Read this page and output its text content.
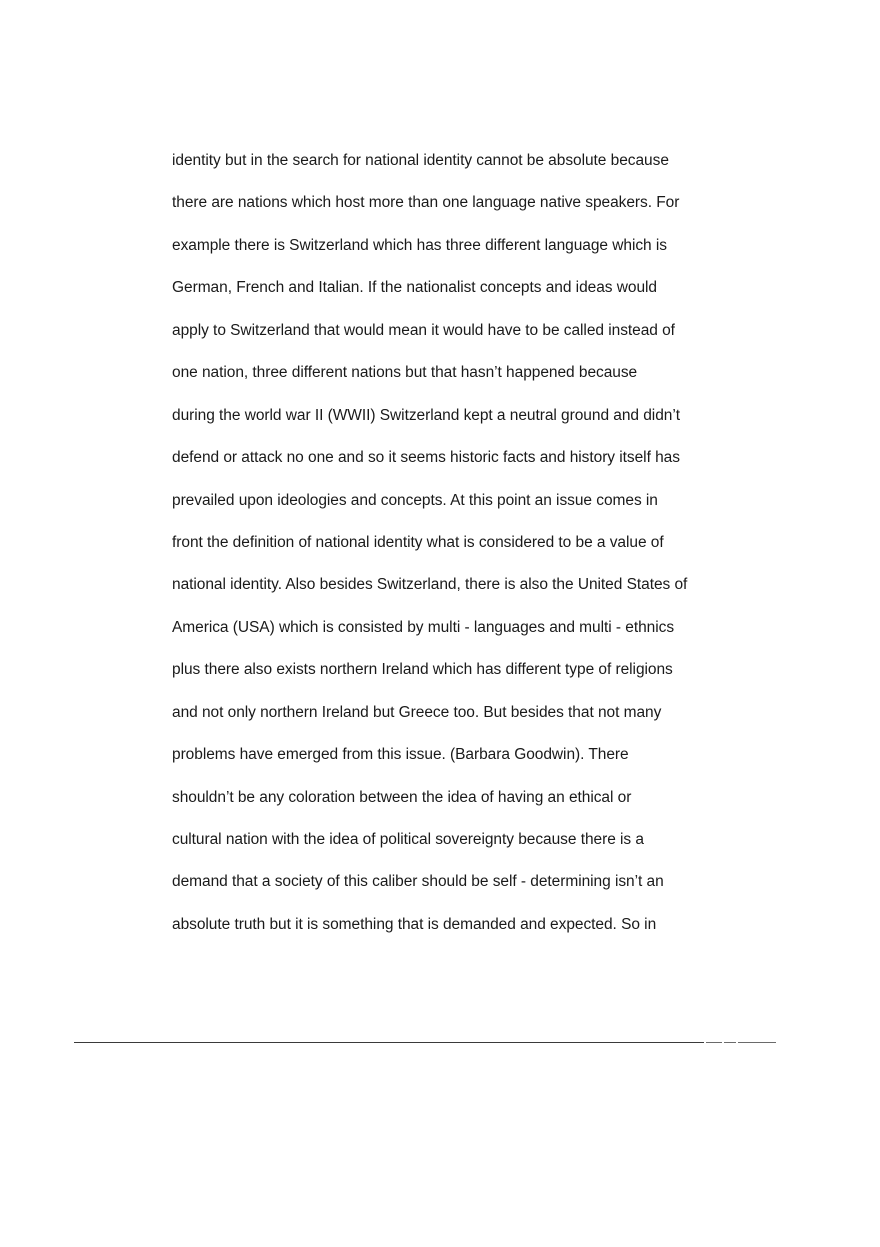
identity but in the search for national identity cannot be absolute because
there are nations which host more than one language native speakers. For
example there is Switzerland which has three different language which is
German, French and Italian. If the nationalist concepts and ideas would
apply to Switzerland that would mean it would have to be called instead of
one nation, three different nations but that hasn’t happened because
during the world war II (WWII) Switzerland kept a neutral ground and didn’t
defend or attack no one and so it seems historic facts and history itself has
prevailed upon ideologies and concepts. At this point an issue comes in
front the definition of national identity what is considered to be a value of
national identity. Also besides Switzerland, there is also the United States of
America (USA) which is consisted by multi - languages and multi - ethnics
plus there also exists northern Ireland which has different type of religions
and not only northern Ireland but Greece too. But besides that not many
problems have emerged from this issue. (Barbara Goodwin). There
shouldn’t be any coloration between the idea of having an ethical or
cultural nation with the idea of political sovereignty because there is a
demand that a society of this caliber should be self - determining isn’t an
absolute truth but it is something that is demanded and expected. So in
